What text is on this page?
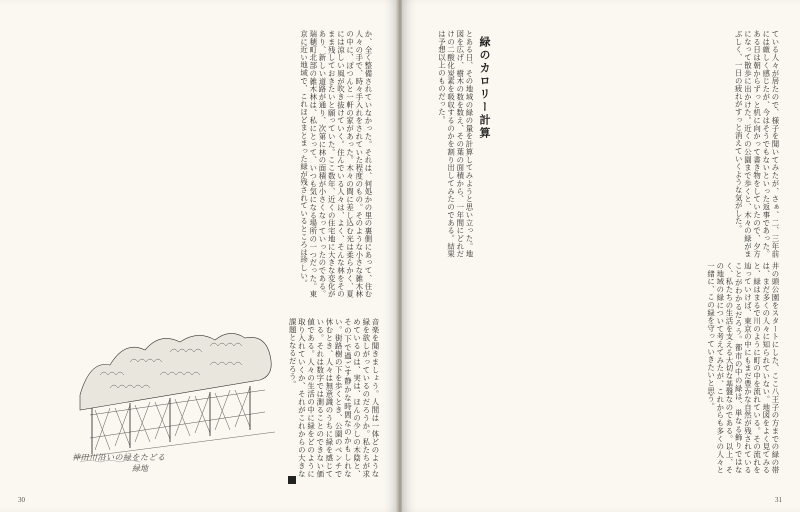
か、全く整備されていなかった。それは、何処かの里の裏側にあって、住む人々の手で、時々手入れをされていた程度のもの。そのような小さな雑木林の中に、ぽつんと一軒の家があった。木々の間に差し込む光は柔らかく、夏には涼しい風が吹き抜けていく。住んでいる人々は、よく、そんな林をそのまま残しておきたいと願っていた。ここ数年、近くの住宅地に大きな変化があり、新しい道路が通り、次第に林の面積が小さくなっていったのである。瑞穂町北部の雑木林は、私にとって、いつも気になる場所の一つだった。東京に近い地域で、これほどまとまった緑が残されているところは珍しい。
音楽を聞きましょう。人間は一体どのような緑を欲しがっているのだろうか。私たちが求めているのは、実は、ほんの少しの木陰と、その下で過ごす静かな時間なのかもしれない。街路樹の下を歩くとき、公園のベンチで休むとき、人々は無意識のうちに緑を感じている。それは数字では測ることのできない価値である。人々の生活の中に緑をどのように取り入れていくか、それがこれからの大きな課題となるだろう。
神田川沿いの緑をたどる
緑地
30
ている人々が居たので、様子を聞いてみたが、さぁ、二、三年前には厳しく感じたが、今はそうでもないといった返事であった。ある日は朝からずっと机に向かって書き物をしていたので、夕方になって散歩に出かけた。近くの公園まで歩くと、木々の緑がまぶしく、一日の疲れがすっと消えていくような気がした。
緑のカロリー計算
とある日、その地域の緑の量を計算してみようと思い立った。地図を広げ、樹木の数を数え、その葉の面積から、一年間にどれだけの二酸化炭素を吸収するのかを割り出してみたのである。結果は予想以上のものだった。
井の頭公園をスタートにした、ここ八王子の方までの緑の帯は、まだ多くの人々に知られていない。地図をよく見てみると、緑はまるで川のように町の中を流れている。その流れを辿っていけば、東京の中にもまだ豊かな自然が残されていることがわかるだろう。都市の中の緑は、単なる飾りではなく、私たちの生活を支える大切な基盤なのである。以上、その地域の緑について考えてみたが、これからも多くの人々と一緒に、この緑を守っていきたいと思う。
31
